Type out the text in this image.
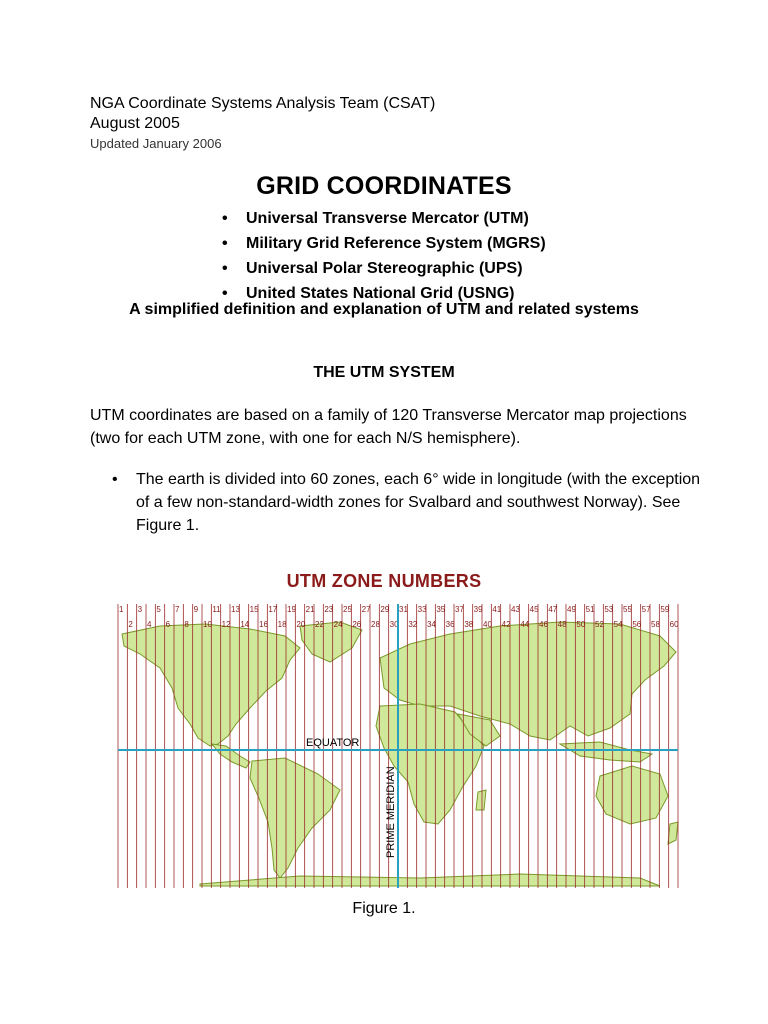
NGA Coordinate Systems Analysis Team (CSAT)
August 2005
Updated January 2006
GRID COORDINATES
• Universal Transverse Mercator (UTM)
• Military Grid Reference System (MGRS)
• Universal Polar Stereographic (UPS)
• United States National Grid (USNG)
A simplified definition and explanation of UTM and related systems
THE UTM SYSTEM
UTM coordinates are based on a family of 120 Transverse Mercator map projections (two for each UTM zone, with one for each N/S hemisphere).
• The earth is divided into 60 zones, each 6° wide in longitude (with the exception of a few non-standard-width zones for Svalbard and southwest Norway). See Figure 1.
UTM ZONE NUMBERS
1 3 5 7 9 11 13 15 17 19 21 23 25 27 29 31 33 35 37 39 41 43 45 47 49 51 53 55 57 59
2 4 6 8 10 12 14 16 18 20 22 24 26 28 30 32 34 36 38 40 42 44 46 48 50 52 54 56 58 60
EQUATOR
PRIME MERIDIAN
Figure 1.
